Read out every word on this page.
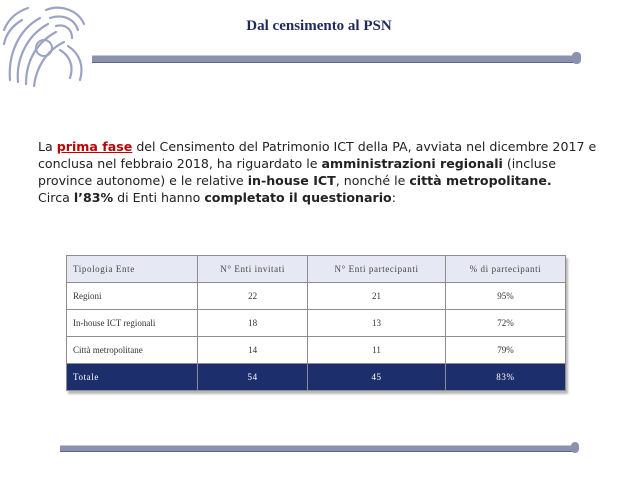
Dal censimento al PSN
La prima fase del Censimento del Patrimonio ICT della PA, avviata nel dicembre 2017 e conclusa nel febbraio 2018, ha riguardato le amministrazioni regionali (incluse province autonome) e le relative in-house ICT, nonché le città metropolitane.
Circa l’83% di Enti hanno completato il questionario:
Tipologia Ente	N° Enti invitati	N° Enti partecipanti	% di partecipanti
Regioni	22	21	95%
In-house ICT regionali	18	13	72%
Città metropolitane	14	11	79%
Totale	54	45	83%
